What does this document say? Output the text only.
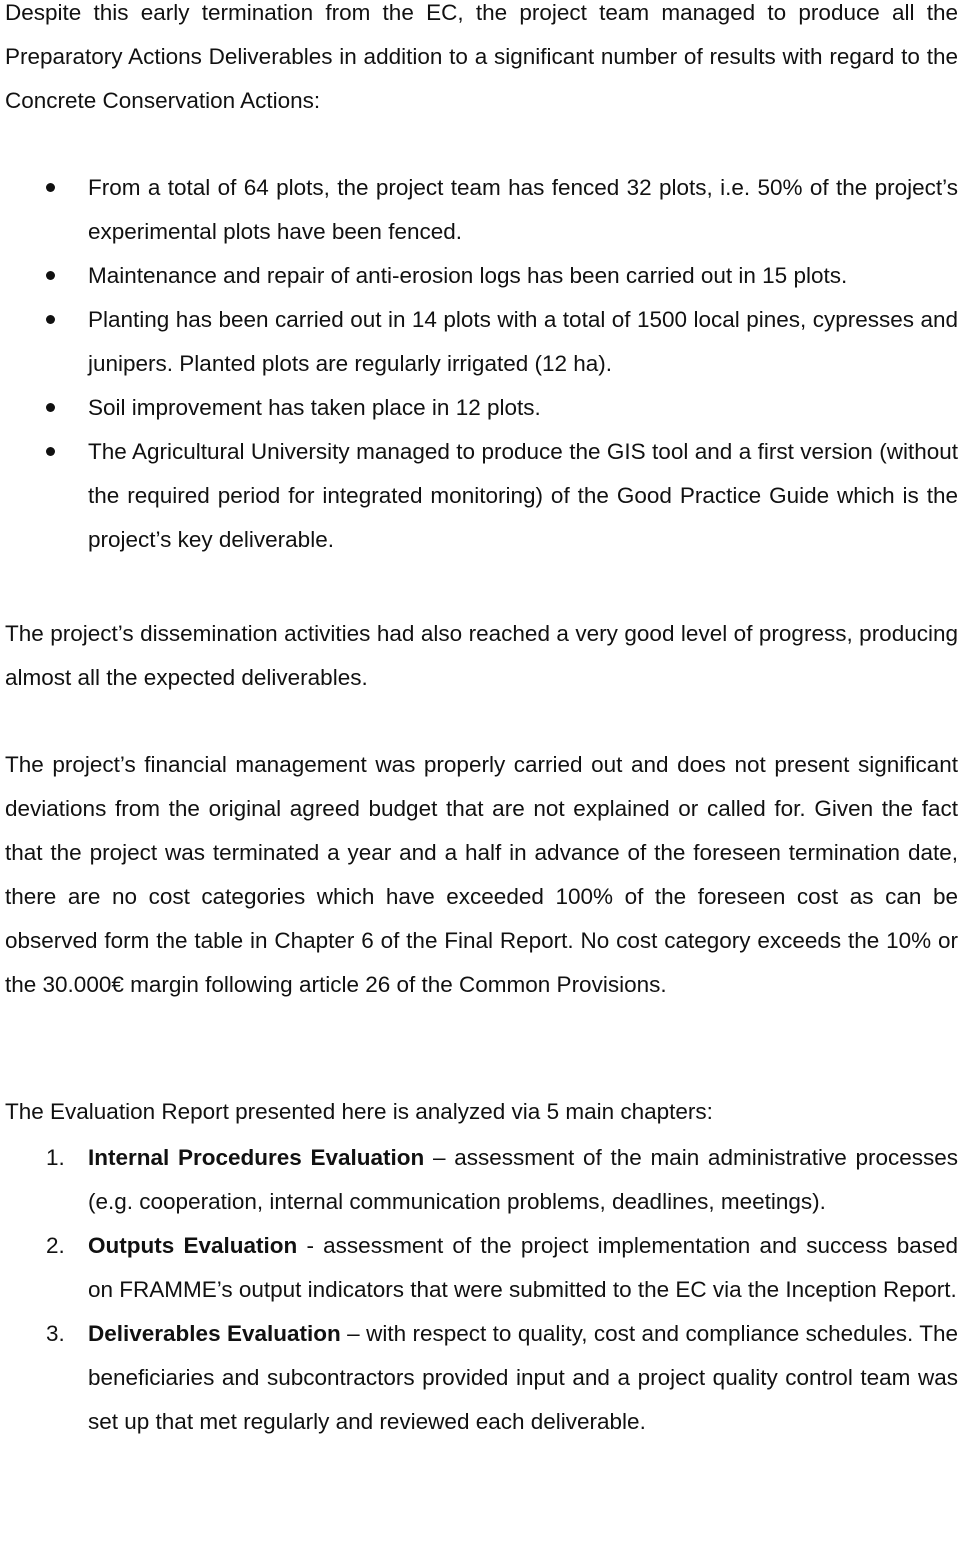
Despite this early termination from the EC, the project team managed to produce all the Preparatory Actions Deliverables in addition to a significant number of results with regard to the Concrete Conservation Actions:

From a total of 64 plots, the project team has fenced 32 plots, i.e. 50% of the project’s experimental plots have been fenced.
Maintenance and repair of anti-erosion logs has been carried out in 15 plots.
Planting has been carried out in 14 plots with a total of 1500 local pines, cypresses and junipers. Planted plots are regularly irrigated (12 ha).
Soil improvement has taken place in 12 plots.
The Agricultural University managed to produce the GIS tool and a first version (without the required period for integrated monitoring) of the Good Practice Guide which is the project’s key deliverable.

The project’s dissemination activities had also reached a very good level of progress, producing almost all the expected deliverables.

The project’s financial management was properly carried out and does not present significant deviations from the original agreed budget that are not explained or called for. Given the fact that the project was terminated a year and a half in advance of the foreseen termination date, there are no cost categories which have exceeded 100% of the foreseen cost as can be observed form the table in Chapter 6 of the Final Report. No cost category exceeds the 10% or the 30.000€ margin following article 26 of the Common Provisions.

The Evaluation Report presented here is analyzed via 5 main chapters:

1. Internal Procedures Evaluation – assessment of the main administrative processes (e.g. cooperation, internal communication problems, deadlines, meetings).
2. Outputs Evaluation - assessment of the project implementation and success based on FRAMME’s output indicators that were submitted to the EC via the Inception Report.
3. Deliverables Evaluation – with respect to quality, cost and compliance schedules. The beneficiaries and subcontractors provided input and a project quality control team was set up that met regularly and reviewed each deliverable.
